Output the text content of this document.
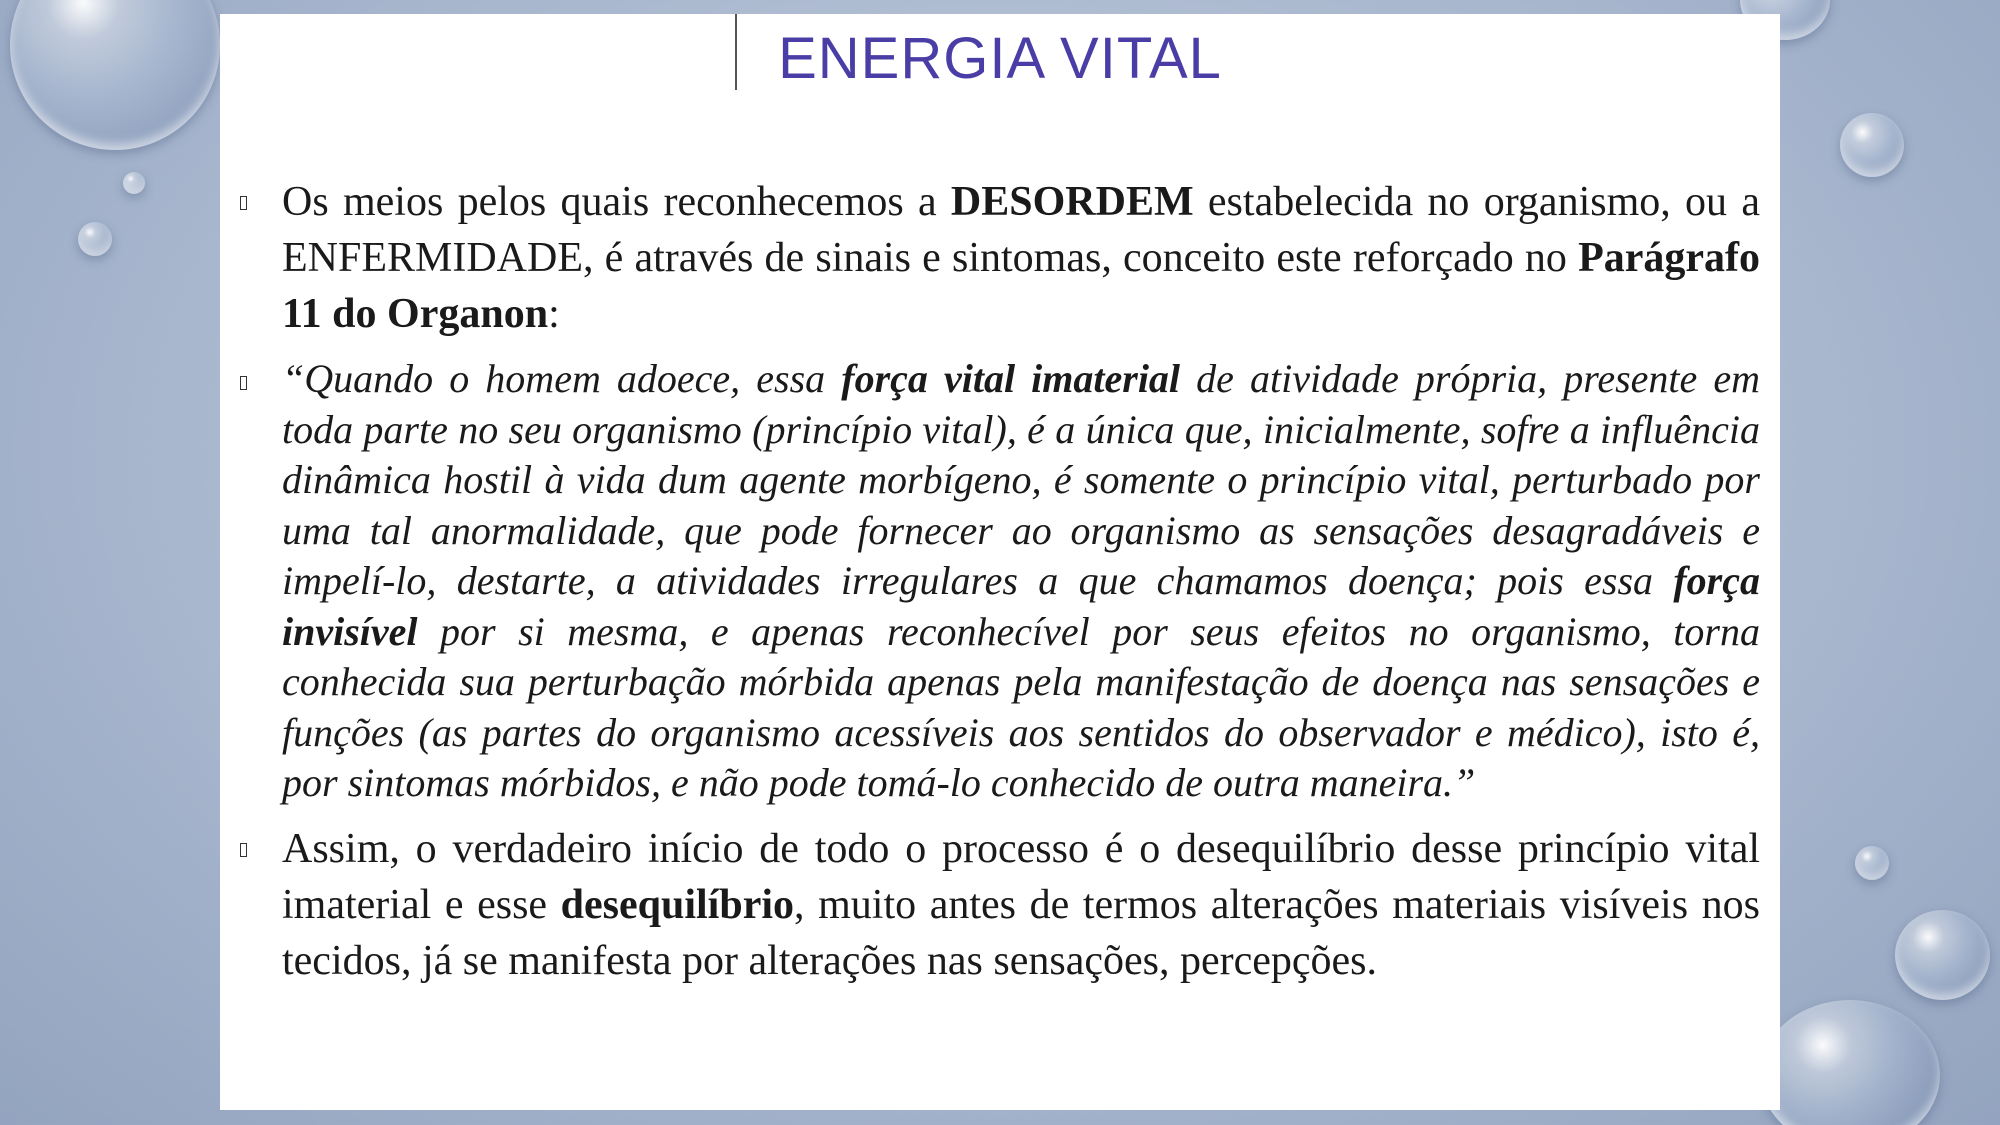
ENERGIA VITAL

Os meios pelos quais reconhecemos a DESORDEM estabelecida no organismo, ou a ENFERMIDADE, é através de sinais e sintomas, conceito este reforçado no Parágrafo 11 do Organon:

“Quando o homem adoece, essa força vital imaterial de atividade própria, presente em toda parte no seu organismo (princípio vital), é a única que, inicialmente, sofre a influência dinâmica hostil à vida dum agente morbígeno, é somente o princípio vital, perturbado por uma tal anormalidade, que pode fornecer ao organismo as sensações desagradáveis e impelí-lo, destarte, a atividades irregulares a que chamamos doença; pois essa força invisível por si mesma, e apenas reconhecível por seus efeitos no organismo, torna conhecida sua perturbação mórbida apenas pela manifestação de doença nas sensações e funções (as partes do organismo acessíveis aos sentidos do observador e médico), isto é, por sintomas mórbidos, e não pode tomá-lo conhecido de outra maneira.”

Assim, o verdadeiro início de todo o processo é o desequilíbrio desse princípio vital imaterial e esse desequilíbrio, muito antes de termos alterações materiais visíveis nos tecidos, já se manifesta por alterações nas sensações, percepções.
